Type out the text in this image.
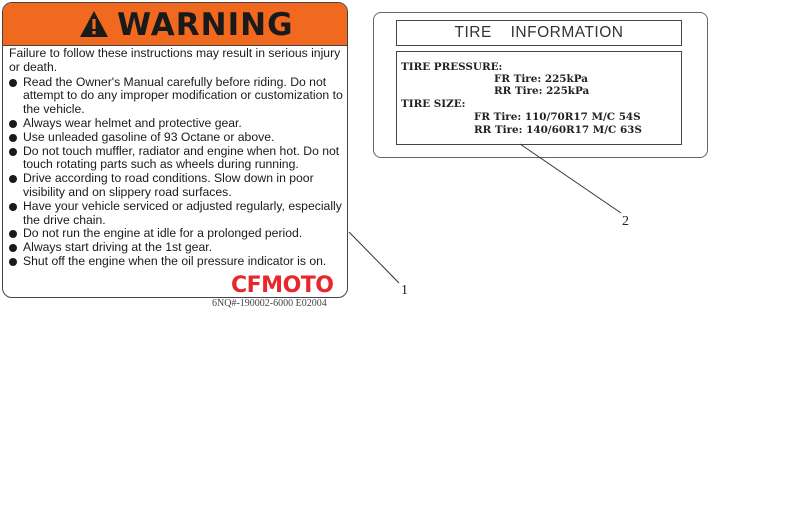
WARNING
Failure to follow these instructions may result in serious injury or death.
Read the Owner's Manual carefully before riding. Do not attempt to do any improper modification or customization to the vehicle.
Always wear helmet and protective gear.
Use unleaded gasoline of 93 Octane or above.
Do not touch muffler, radiator and engine when hot. Do not touch rotating parts such as wheels during running.
Drive according to road conditions. Slow down in poor visibility and on slippery road surfaces.
Have your vehicle serviced or adjusted regularly, especially the drive chain.
Do not run the engine at idle for a prolonged period.
Always start driving at the 1st gear.
Shut off the engine when the oil pressure indicator is on.
CFMOTO
6NQ#-190002-6000 E02004
TIRE INFORMATION
TIRE PRESSURE:
FR Tire: 225kPa
RR Tire: 225kPa
TIRE SIZE:
FR Tire: 110/70R17 M/C 54S
RR Tire: 140/60R17 M/C 63S
1
2
